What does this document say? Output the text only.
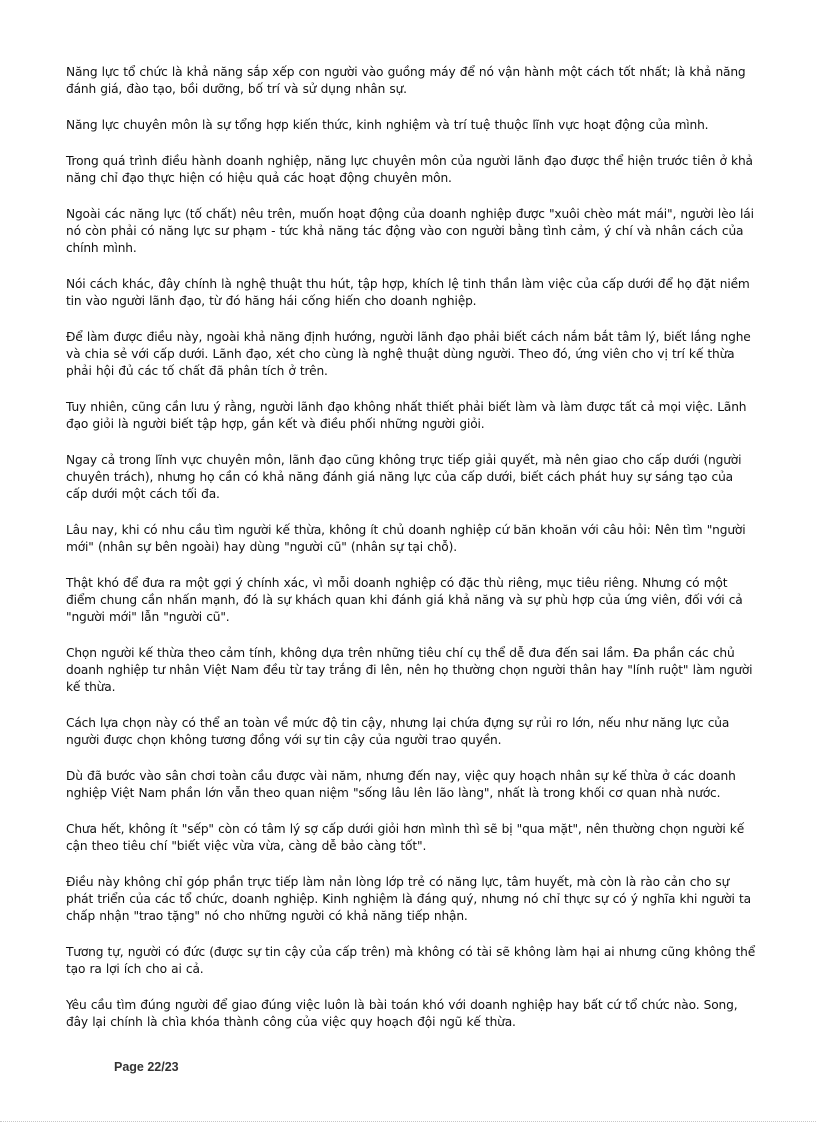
Năng lực tổ chức là khả năng sắp xếp con người vào guồng máy để nó vận hành một cách tốt nhất; là khả năng đánh giá, đào tạo, bồi dưỡng, bố trí và sử dụng nhân sự.

Năng lực chuyên môn là sự tổng hợp kiến thức, kinh nghiệm và trí tuệ thuộc lĩnh vực hoạt động của mình.

Trong quá trình điều hành doanh nghiệp, năng lực chuyên môn của người lãnh đạo được thể hiện trước tiên ở khả năng chỉ đạo thực hiện có hiệu quả các hoạt động chuyên môn.

Ngoài các năng lực (tố chất) nêu trên, muốn hoạt động của doanh nghiệp được "xuôi chèo mát mái", người lèo lái nó còn phải có năng lực sư phạm - tức khả năng tác động vào con người bằng tình cảm, ý chí và nhân cách của chính mình.

Nói cách khác, đây chính là nghệ thuật thu hút, tập hợp, khích lệ tinh thần làm việc của cấp dưới để họ đặt niềm tin vào người lãnh đạo, từ đó hăng hái cống hiến cho doanh nghiệp.

Để làm được điều này, ngoài khả năng định hướng, người lãnh đạo phải biết cách nắm bắt tâm lý, biết lắng nghe và chia sẻ với cấp dưới. Lãnh đạo, xét cho cùng là nghệ thuật dùng người. Theo đó, ứng viên cho vị trí kế thừa phải hội đủ các tố chất đã phân tích ở trên.

Tuy nhiên, cũng cần lưu ý rằng, người lãnh đạo không nhất thiết phải biết làm và làm được tất cả mọi việc. Lãnh đạo giỏi là người biết tập hợp, gắn kết và điều phối những người giỏi.

Ngay cả trong lĩnh vực chuyên môn, lãnh đạo cũng không trực tiếp giải quyết, mà nên giao cho cấp dưới (người chuyên trách), nhưng họ cần có khả năng đánh giá năng lực của cấp dưới, biết cách phát huy sự sáng tạo của cấp dưới một cách tối đa.

Lâu nay, khi có nhu cầu tìm người kế thừa, không ít chủ doanh nghiệp cứ băn khoăn với câu hỏi: Nên tìm "người mới" (nhân sự bên ngoài) hay dùng "người cũ" (nhân sự tại chỗ).

Thật khó để đưa ra một gợi ý chính xác, vì mỗi doanh nghiệp có đặc thù riêng, mục tiêu riêng. Nhưng có một điểm chung cần nhấn mạnh, đó là sự khách quan khi đánh giá khả năng và sự phù hợp của ứng viên, đối với cả "người mới" lẫn "người cũ".

Chọn người kế thừa theo cảm tính, không dựa trên những tiêu chí cụ thể dễ đưa đến sai lầm. Đa phần các chủ doanh nghiệp tư nhân Việt Nam đều từ tay trắng đi lên, nên họ thường chọn người thân hay "lính ruột" làm người kế thừa.

Cách lựa chọn này có thể an toàn về mức độ tin cậy, nhưng lại chứa đựng sự rủi ro lớn, nếu như năng lực của người được chọn không tương đồng với sự tin cậy của người trao quyền.

Dù đã bước vào sân chơi toàn cầu được vài năm, nhưng đến nay, việc quy hoạch nhân sự kế thừa ở các doanh nghiệp Việt Nam phần lớn vẫn theo quan niệm "sống lâu lên lão làng", nhất là trong khối cơ quan nhà nước.

Chưa hết, không ít "sếp" còn có tâm lý sợ cấp dưới giỏi hơn mình thì sẽ bị "qua mặt", nên thường chọn người kế cận theo tiêu chí "biết việc vừa vừa, càng dễ bảo càng tốt".

Điều này không chỉ góp phần trực tiếp làm nản lòng lớp trẻ có năng lực, tâm huyết, mà còn là rào cản cho sự phát triển của các tổ chức, doanh nghiệp. Kinh nghiệm là đáng quý, nhưng nó chỉ thực sự có ý nghĩa khi người ta chấp nhận "trao tặng" nó cho những người có khả năng tiếp nhận.

Tương tự, người có đức (được sự tin cậy của cấp trên) mà không có tài sẽ không làm hại ai nhưng cũng không thể tạo ra lợi ích cho ai cả.

Yêu cầu tìm đúng người để giao đúng việc luôn là bài toán khó với doanh nghiệp hay bất cứ tổ chức nào. Song, đây lại chính là chìa khóa thành công của việc quy hoạch đội ngũ kế thừa.

Page 22/23
